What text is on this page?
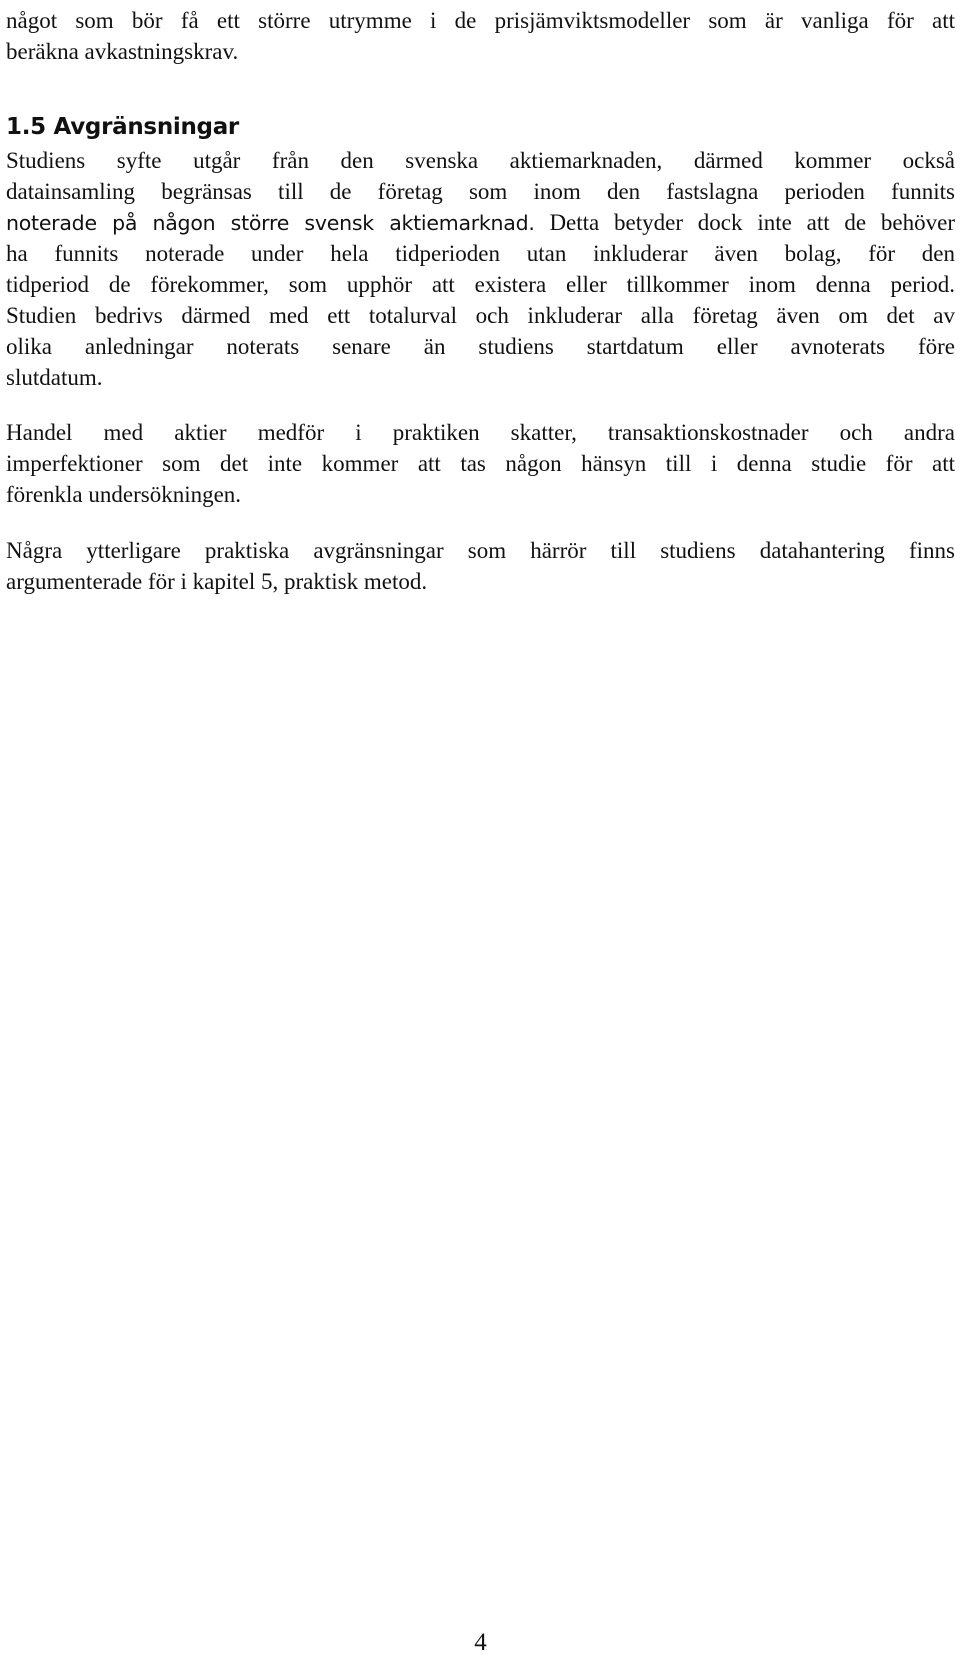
något som bör få ett större utrymme i de prisjämviktsmodeller som är vanliga för att
beräkna avkastningskrav.
1.5 Avgränsningar
Studiens syfte utgår från den svenska aktiemarknaden, därmed kommer också
datainsamling begränsas till de företag som inom den fastslagna perioden funnits
noterade på någon större svensk aktiemarknad. Detta betyder dock inte att de behöver
ha funnits noterade under hela tidperioden utan inkluderar även bolag, för den
tidperiod de förekommer, som upphör att existera eller tillkommer inom denna period.
Studien bedrivs därmed med ett totalurval och inkluderar alla företag även om det av
olika anledningar noterats senare än studiens startdatum eller avnoterats före
slutdatum.
Handel med aktier medför i praktiken skatter, transaktionskostnader och andra
imperfektioner som det inte kommer att tas någon hänsyn till i denna studie för att
förenkla undersökningen.
Några ytterligare praktiska avgränsningar som härrör till studiens datahantering finns
argumenterade för i kapitel 5, praktisk metod.
4
